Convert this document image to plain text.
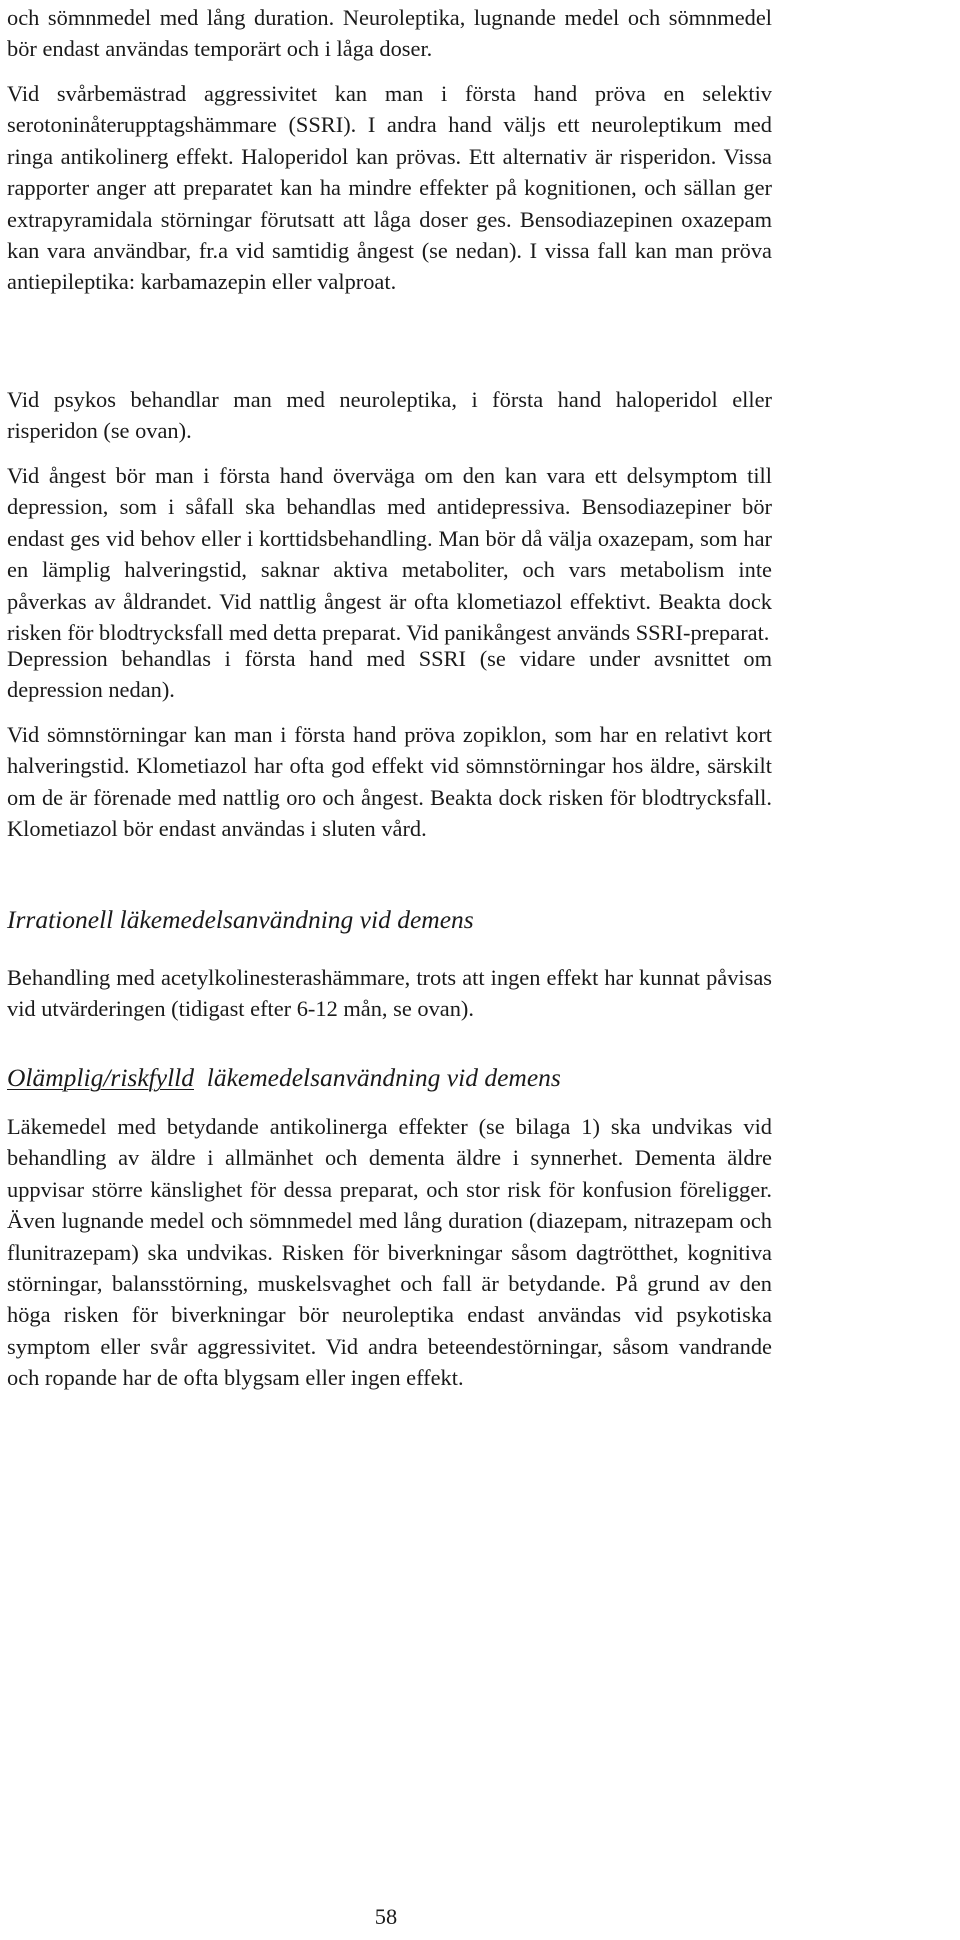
och sömnmedel med lång duration. Neuroleptika, lugnande medel och sömnmedel bör endast användas temporärt och i låga doser.

Vid svårbemästrad aggressivitet kan man i första hand pröva en selektiv serotoninåterupptagshämmare (SSRI). I andra hand väljs ett neuroleptikum med ringa antikolinerg effekt. Haloperidol kan prövas. Ett alternativ är risperidon. Vissa rapporter anger att preparatet kan ha mindre effekter på kognitionen, och sällan ger extrapyramidala störningar förutsatt att låga doser ges. Bensodiazepinen oxazepam kan vara användbar, fr.a vid samtidig ångest (se nedan). I vissa fall kan man pröva antiepileptika: karbamazepin eller valproat.

Vid psykos behandlar man med neuroleptika, i första hand haloperidol eller risperidon (se ovan).

Vid ångest bör man i första hand överväga om den kan vara ett delsymptom till depression, som i såfall ska behandlas med antidepressiva. Bensodiazepiner bör endast ges vid behov eller i korttidsbehandling. Man bör då välja oxazepam, som har en lämplig halveringstid, saknar aktiva metaboliter, och vars metabolism inte påverkas av åldrandet. Vid nattlig ångest är ofta klometiazol effektivt. Beakta dock risken för blodtrycksfall med detta preparat. Vid panikångest används SSRI-preparat.

Depression behandlas i första hand med SSRI (se vidare under avsnittet om depression nedan).

Vid sömnstörningar kan man i första hand pröva zopiklon, som har en relativt kort halveringstid. Klometiazol har ofta god effekt vid sömnstörningar hos äldre, särskilt om de är förenade med nattlig oro och ångest. Beakta dock risken för blodtrycksfall. Klometiazol bör endast användas i sluten vård.

Irrationell läkemedelsanvändning vid demens

Behandling med acetylkolinesterashämmare, trots att ingen effekt har kunnat påvisas vid utvärderingen (tidigast efter 6-12 mån, se ovan).

Olämplig/riskfylld läkemedelsanvändning vid demens

Läkemedel med betydande antikolinerga effekter (se bilaga 1) ska undvikas vid behandling av äldre i allmänhet och dementa äldre i synnerhet. Dementa äldre uppvisar större känslighet för dessa preparat, och stor risk för konfusion föreligger. Även lugnande medel och sömnmedel med lång duration (diazepam, nitrazepam och flunitrazepam) ska undvikas. Risken för biverkningar såsom dagtrötthet, kognitiva störningar, balansstörning, muskelsvaghet och fall är betydande. På grund av den höga risken för biverkningar bör neuroleptika endast användas vid psykotiska symptom eller svår aggressivitet. Vid andra beteendestörningar, såsom vandrande och ropande har de ofta blygsam eller ingen effekt.

58
